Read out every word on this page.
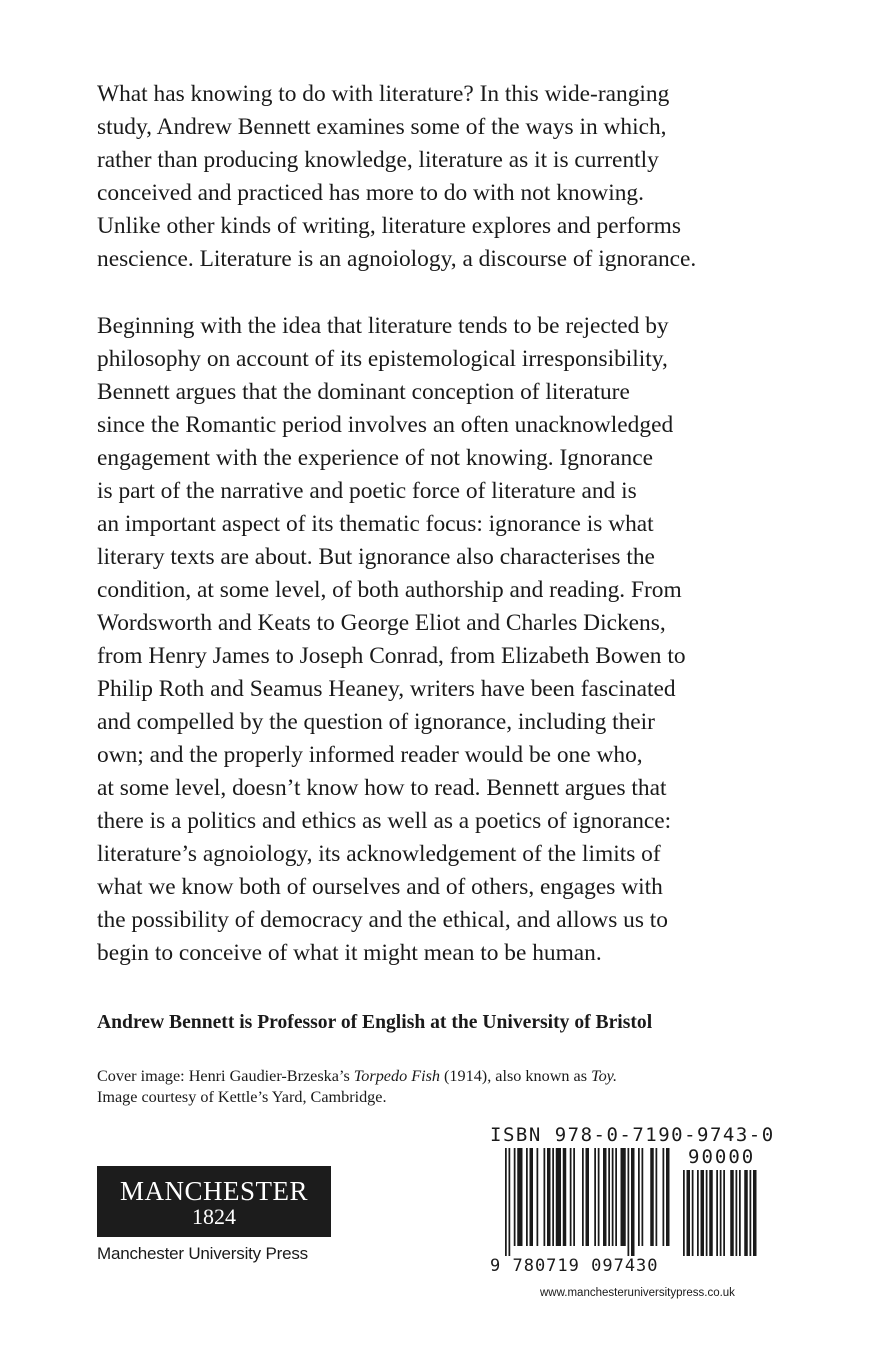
What has knowing to do with literature? In this wide-ranging
study, Andrew Bennett examines some of the ways in which,
rather than producing knowledge, literature as it is currently
conceived and practiced has more to do with not knowing.
Unlike other kinds of writing, literature explores and performs
nescience. Literature is an agnoiology, a discourse of ignorance.
Beginning with the idea that literature tends to be rejected by
philosophy on account of its epistemological irresponsibility,
Bennett argues that the dominant conception of literature
since the Romantic period involves an often unacknowledged
engagement with the experience of not knowing. Ignorance
is part of the narrative and poetic force of literature and is
an important aspect of its thematic focus: ignorance is what
literary texts are about. But ignorance also characterises the
condition, at some level, of both authorship and reading. From
Wordsworth and Keats to George Eliot and Charles Dickens,
from Henry James to Joseph Conrad, from Elizabeth Bowen to
Philip Roth and Seamus Heaney, writers have been fascinated
and compelled by the question of ignorance, including their
own; and the properly informed reader would be one who,
at some level, doesn’t know how to read. Bennett argues that
there is a politics and ethics as well as a poetics of ignorance:
literature’s agnoiology, its acknowledgement of the limits of
what we know both of ourselves and of others, engages with
the possibility of democracy and the ethical, and allows us to
begin to conceive of what it might mean to be human.

Andrew Bennett is Professor of English at the University of Bristol

Cover image: Henri Gaudier-Brzeska’s Torpedo Fish (1914), also known as Toy.
Image courtesy of Kettle’s Yard, Cambridge.
MANCHESTER
1824
Manchester University Press
ISBN 978-0-7190-9743-0
90000
9 780719 097430
www.manchesteruniversitypress.co.uk
